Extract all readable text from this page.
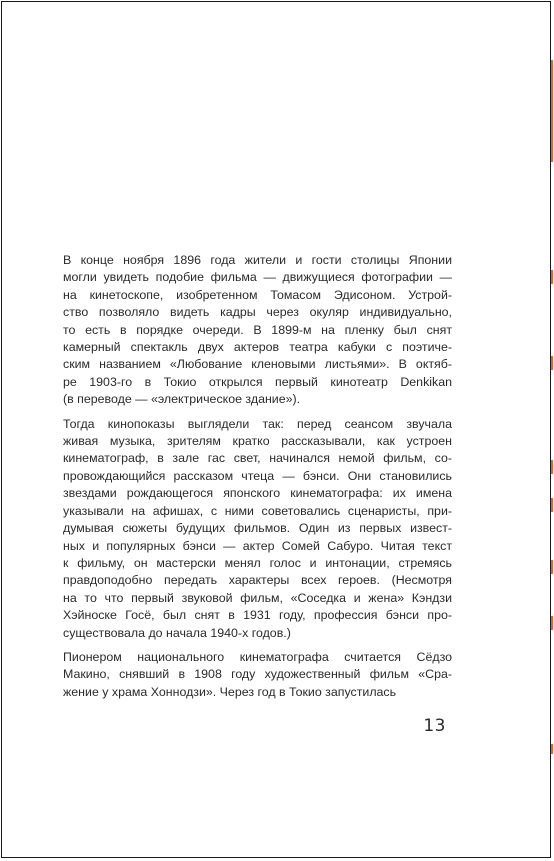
В конце ноября 1896 года жители и гости столицы Японии
могли увидеть подобие фильма — движущиеся фотографии —
на кинетоскопе, изобретенном Томасом Эдисоном. Устрой-
ство позволяло видеть кадры через окуляр индивидуально,
то есть в порядке очереди. В 1899-м на пленку был снят
камерный спектакль двух актеров театра кабуки с поэтиче-
ским названием «Любование кленовыми листьями». В октяб-
ре 1903-го в Токио открылся первый кинотеатр Denkikan
(в переводе — «электрическое здание»).

Тогда кинопоказы выглядели так: перед сеансом звучала
живая музыка, зрителям кратко рассказывали, как устроен
кинематограф, в зале гас свет, начинался немой фильм, со-
провождающийся рассказом чтеца — бэнси. Они становились
звездами рождающегося японского кинематографа: их имена
указывали на афишах, с ними советовались сценаристы, при-
думывая сюжеты будущих фильмов. Один из первых извест-
ных и популярных бэнси — актер Сомей Сабуро. Читая текст
к фильму, он мастерски менял голос и интонации, стремясь
правдоподобно передать характеры всех героев. (Несмотря
на то что первый звуковой фильм, «Соседка и жена» Кэндзи
Хэйноске Госё, был снят в 1931 году, профессия бэнси про-
существовала до начала 1940-х годов.)

Пионером национального кинематографа считается Сёдзо
Макино, снявший в 1908 году художественный фильм «Сра-
жение у храма Хоннодзи». Через год в Токио запустилась

13
